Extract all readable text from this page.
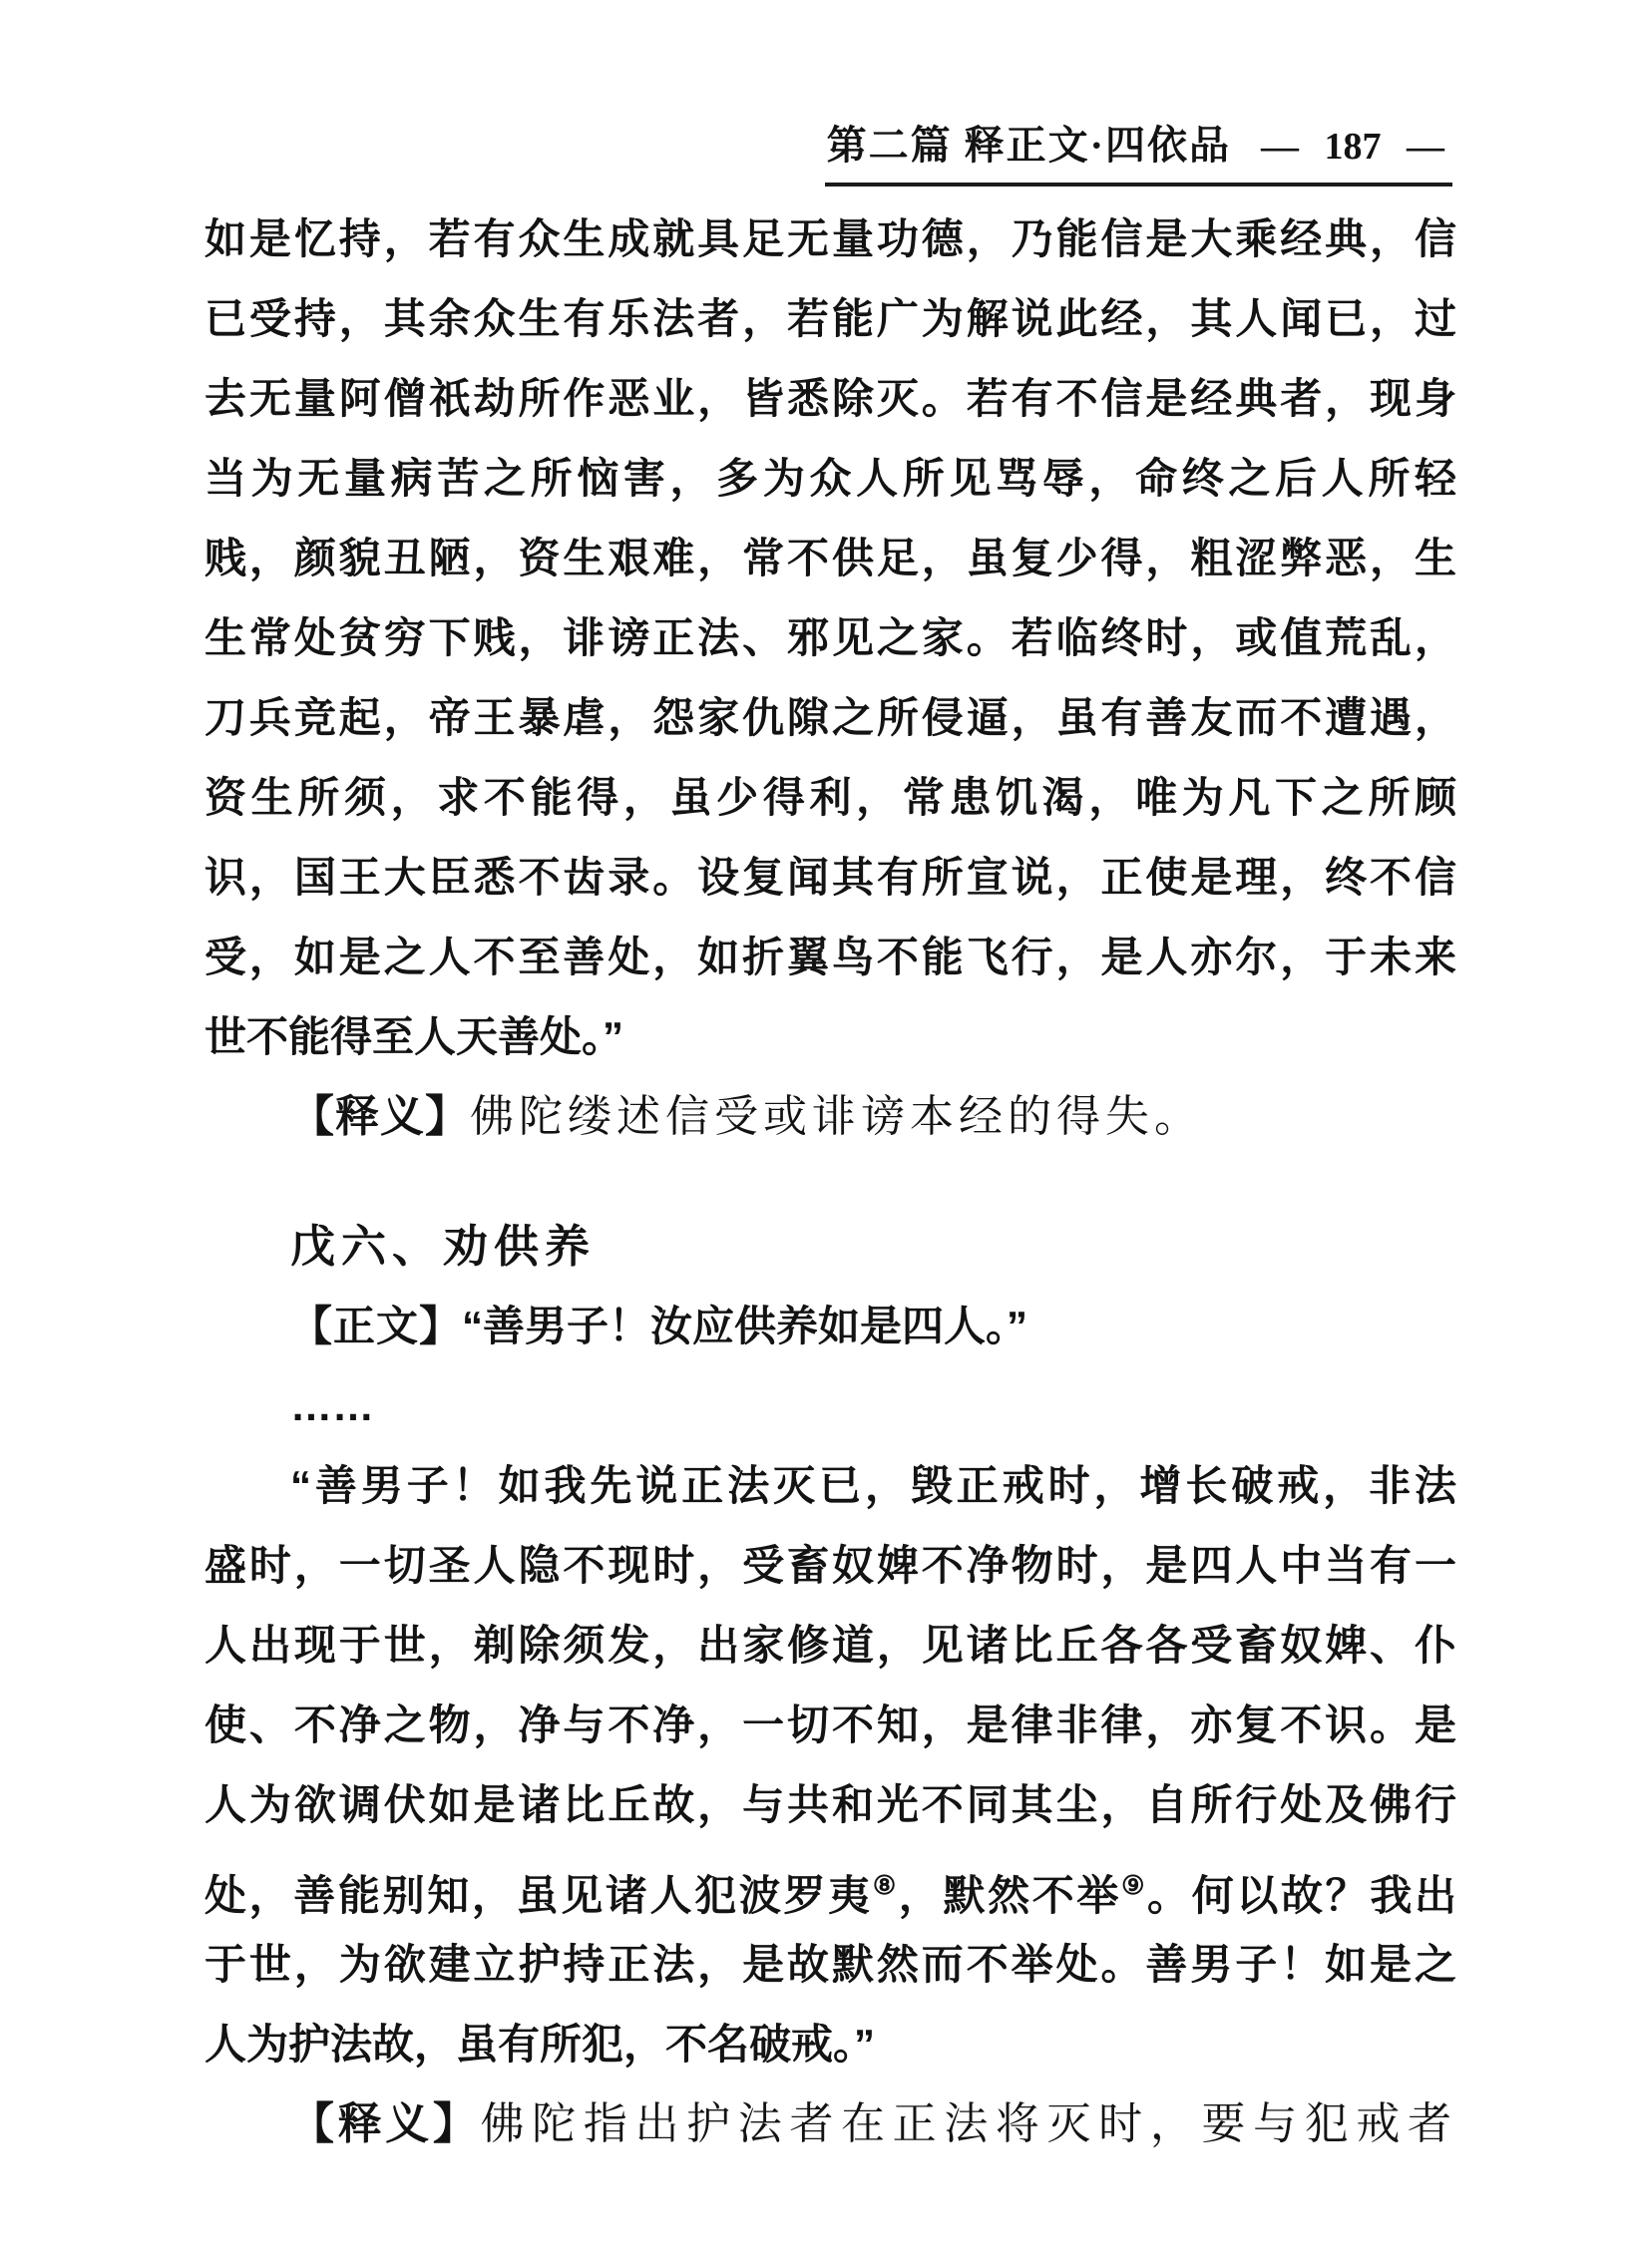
第二篇 释正文·四依品 — 187 —
如是忆持，若有众生成就具足无量功德，乃能信是大乘经典，信
已受持，其余众生有乐法者，若能广为解说此经，其人闻已，过
去无量阿僧祇劫所作恶业，皆悉除灭。若有不信是经典者，现身
当为无量病苦之所恼害，多为众人所见骂辱，命终之后人所轻
贱，颜貌丑陋，资生艰难，常不供足，虽复少得，粗涩弊恶，生
生常处贫穷下贱，诽谤正法、邪见之家。若临终时，或值荒乱，
刀兵竞起，帝王暴虐，怨家仇隙之所侵逼，虽有善友而不遭遇，
资生所须，求不能得，虽少得利，常患饥渴，唯为凡下之所顾
识，国王大臣悉不齿录。设复闻其有所宣说，正使是理，终不信
受，如是之人不至善处，如折翼鸟不能飞行，是人亦尔，于未来
世不能得至人天善处。”
【释义】佛陀缕述信受或诽谤本经的得失。
戊六、劝供养
【正文】“善男子！汝应供养如是四人。”
……
“善男子！如我先说正法灭已，毁正戒时，增长破戒，非法
盛时，一切圣人隐不现时，受畜奴婢不净物时，是四人中当有一
人出现于世，剃除须发，出家修道，见诸比丘各各受畜奴婢、仆
使、不净之物，净与不净，一切不知，是律非律，亦复不识。是
人为欲调伏如是诸比丘故，与共和光不同其尘，自所行处及佛行
处，善能别知，虽见诸人犯波罗夷⑧，默然不举⑨。何以故？我出
于世，为欲建立护持正法，是故默然而不举处。善男子！如是之
人为护法故，虽有所犯，不名破戒。”
【释义】佛陀指出护法者在正法将灭时，要与犯戒者
